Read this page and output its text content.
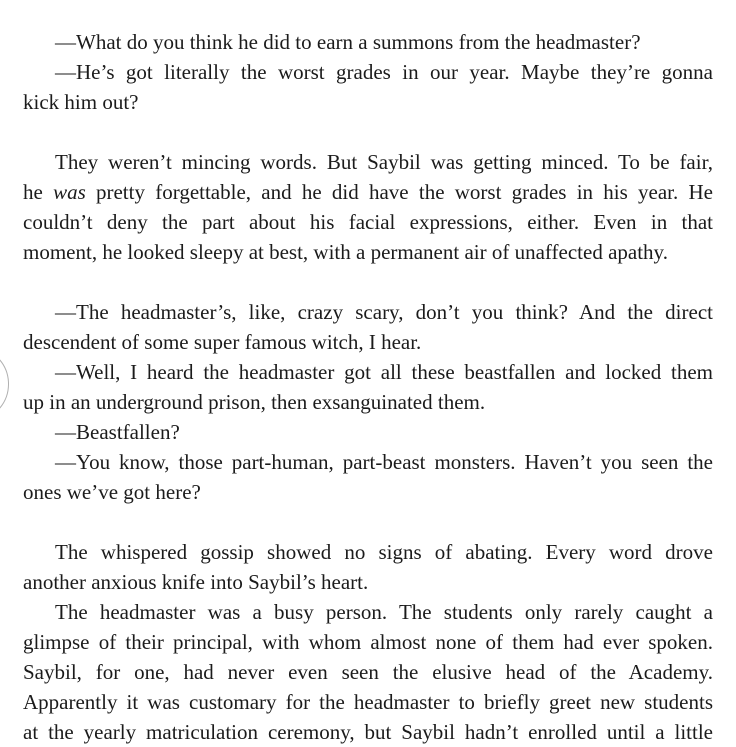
—What do you think he did to earn a summons from the headmaster?
—He’s got literally the worst grades in our year. Maybe they’re gonna
kick him out?
They weren’t mincing words. But Saybil was getting minced. To be fair,
he was pretty forgettable, and he did have the worst grades in his year. He
couldn’t deny the part about his facial expressions, either. Even in that
moment, he looked sleepy at best, with a permanent air of unaffected apathy.
—The headmaster’s, like, crazy scary, don’t you think? And the direct
descendent of some super famous witch, I hear.
—Well, I heard the headmaster got all these beastfallen and locked them
up in an underground prison, then exsanguinated them.
—Beastfallen?
—You know, those part-human, part-beast monsters. Haven’t you seen the
ones we’ve got here?
The whispered gossip showed no signs of abating. Every word drove
another anxious knife into Saybil’s heart.
The headmaster was a busy person. The students only rarely caught a
glimpse of their principal, with whom almost none of them had ever spoken.
Saybil, for one, had never even seen the elusive head of the Academy.
Apparently it was customary for the headmaster to briefly greet new students
at the yearly matriculation ceremony, but Saybil hadn’t enrolled until a little
